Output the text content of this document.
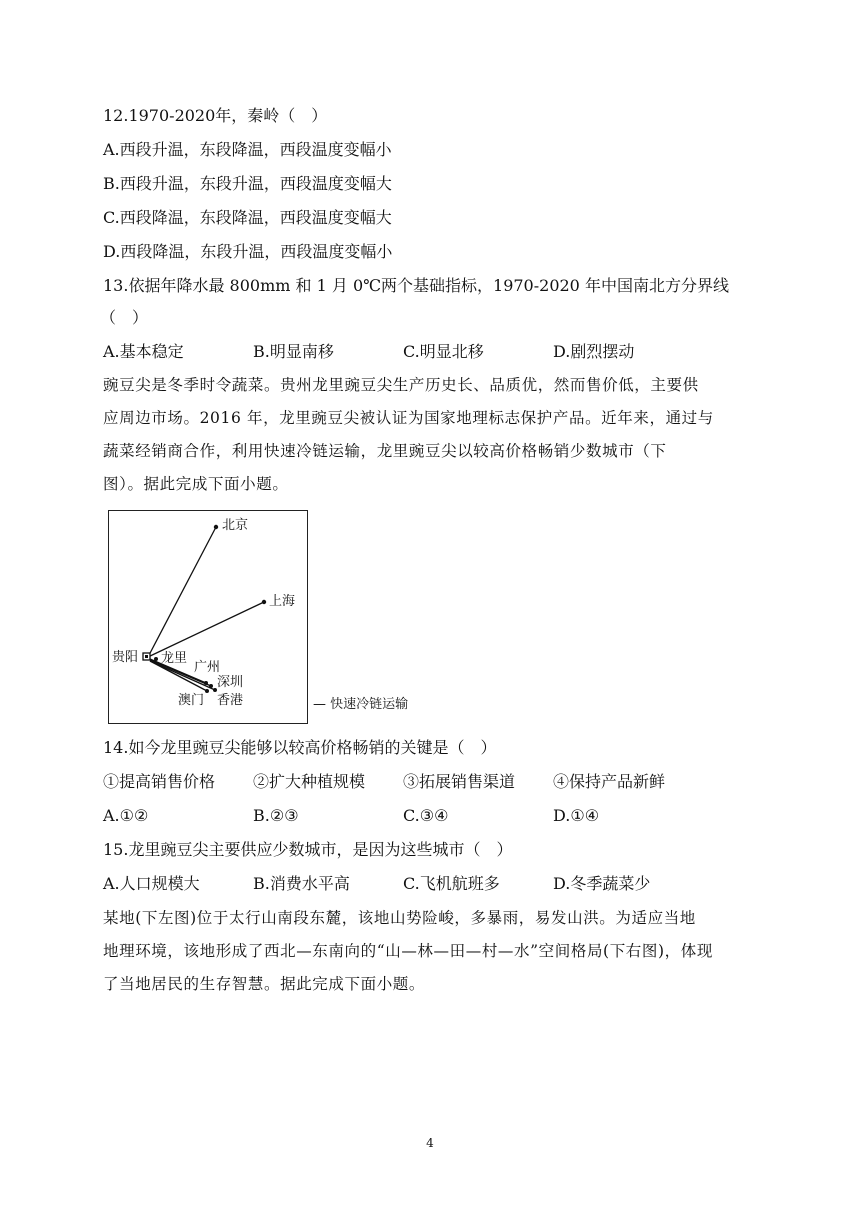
12.1970-2020年，秦岭（　）
A.西段升温，东段降温，西段温度变幅小
B.西段升温，东段升温，西段温度变幅大
C.西段降温，东段降温，西段温度变幅大
D.西段降温，东段升温，西段温度变幅小
13.依据年降水最 800mm 和 1 月 0℃两个基础指标，1970-2020 年中国南北方分界线
（　）
A.基本稳定	B.明显南移	C.明显北移	D.剧烈摆动
豌豆尖是冬季时令蔬菜。贵州龙里豌豆尖生产历史长、品质优，然而售价低，主要供
应周边市场。2016 年，龙里豌豆尖被认证为国家地理标志保护产品。近年来，通过与
蔬菜经销商合作，利用快速冷链运输，龙里豌豆尖以较高价格畅销少数城市（下
图）。据此完成下面小题。
北京
上海
贵阳 龙里
广州
深圳
澳门 香港	— 快速冷链运输
14.如今龙里豌豆尖能够以较高价格畅销的关键是（　）
①提高销售价格 ②扩大种植规模 ③拓展销售渠道 ④保持产品新鲜
A.①②	B.②③	C.③④	D.①④
15.龙里豌豆尖主要供应少数城市，是因为这些城市（　）
A.人口规模大	B.消费水平高	C.飞机航班多	D.冬季蔬菜少
某地(下左图)位于太行山南段东麓，该地山势险峻，多暴雨，易发山洪。为适应当地
地理环境，该地形成了西北—东南向的“山—林—田—村—水”空间格局(下右图)，体现
了当地居民的生存智慧。据此完成下面小题。
4
